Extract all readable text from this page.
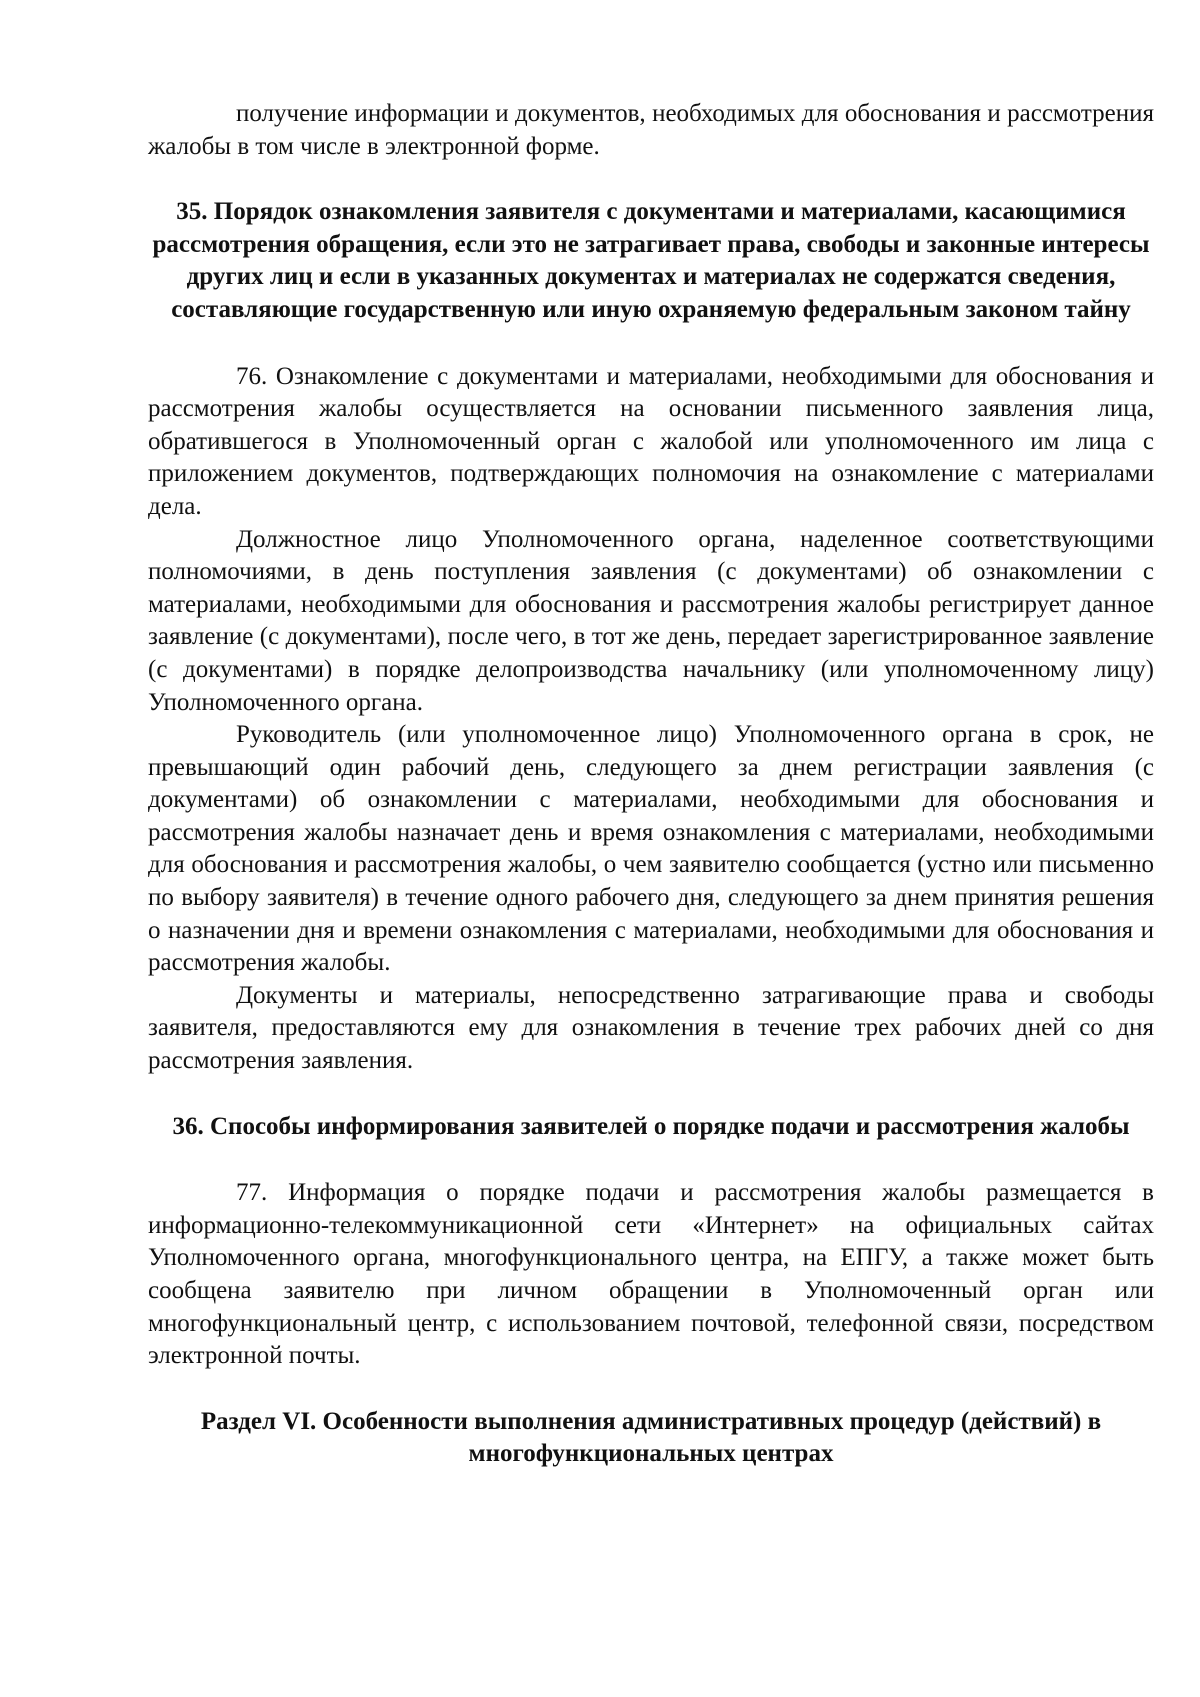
получение информации и документов, необходимых для обоснования и рассмотрения жалобы в том числе в электронной форме.

35. Порядок ознакомления заявителя с документами и материалами, касающимися рассмотрения обращения, если это не затрагивает права, свободы и законные интересы других лиц и если в указанных документах и материалах не содержатся сведения, составляющие государственную или иную охраняемую федеральным законом тайну

76. Ознакомление с документами и материалами, необходимыми для обоснования и рассмотрения жалобы осуществляется на основании письменного заявления лица, обратившегося в Уполномоченный орган с жалобой или уполномоченного им лица с приложением документов, подтверждающих полномочия на ознакомление с материалами дела.

Должностное лицо Уполномоченного органа, наделенное соответствующими полномочиями, в день поступления заявления (с документами) об ознакомлении с материалами, необходимыми для обоснования и рассмотрения жалобы регистрирует данное заявление (с документами), после чего, в тот же день, передает зарегистрированное заявление (с документами) в порядке делопроизводства начальнику (или уполномоченному лицу) Уполномоченного органа.

Руководитель (или уполномоченное лицо) Уполномоченного органа в срок, не превышающий один рабочий день, следующего за днем регистрации заявления (с документами) об ознакомлении с материалами, необходимыми для обоснования и рассмотрения жалобы назначает день и время ознакомления с материалами, необходимыми для обоснования и рассмотрения жалобы, о чем заявителю сообщается (устно или письменно по выбору заявителя) в течение одного рабочего дня, следующего за днем принятия решения о назначении дня и времени ознакомления с материалами, необходимыми для обоснования и рассмотрения жалобы.

Документы и материалы, непосредственно затрагивающие права и свободы заявителя, предоставляются ему для ознакомления в течение трех рабочих дней со дня рассмотрения заявления.

36. Способы информирования заявителей о порядке подачи и рассмотрения жалобы

77. Информация о порядке подачи и рассмотрения жалобы размещается в информационно-телекоммуникационной сети «Интернет» на официальных сайтах Уполномоченного органа, многофункционального центра, на ЕПГУ, а также может быть сообщена заявителю при личном обращении в Уполномоченный орган или многофункциональный центр, с использованием почтовой, телефонной связи, посредством электронной почты.

Раздел VI. Особенности выполнения административных процедур (действий) в многофункциональных центрах
